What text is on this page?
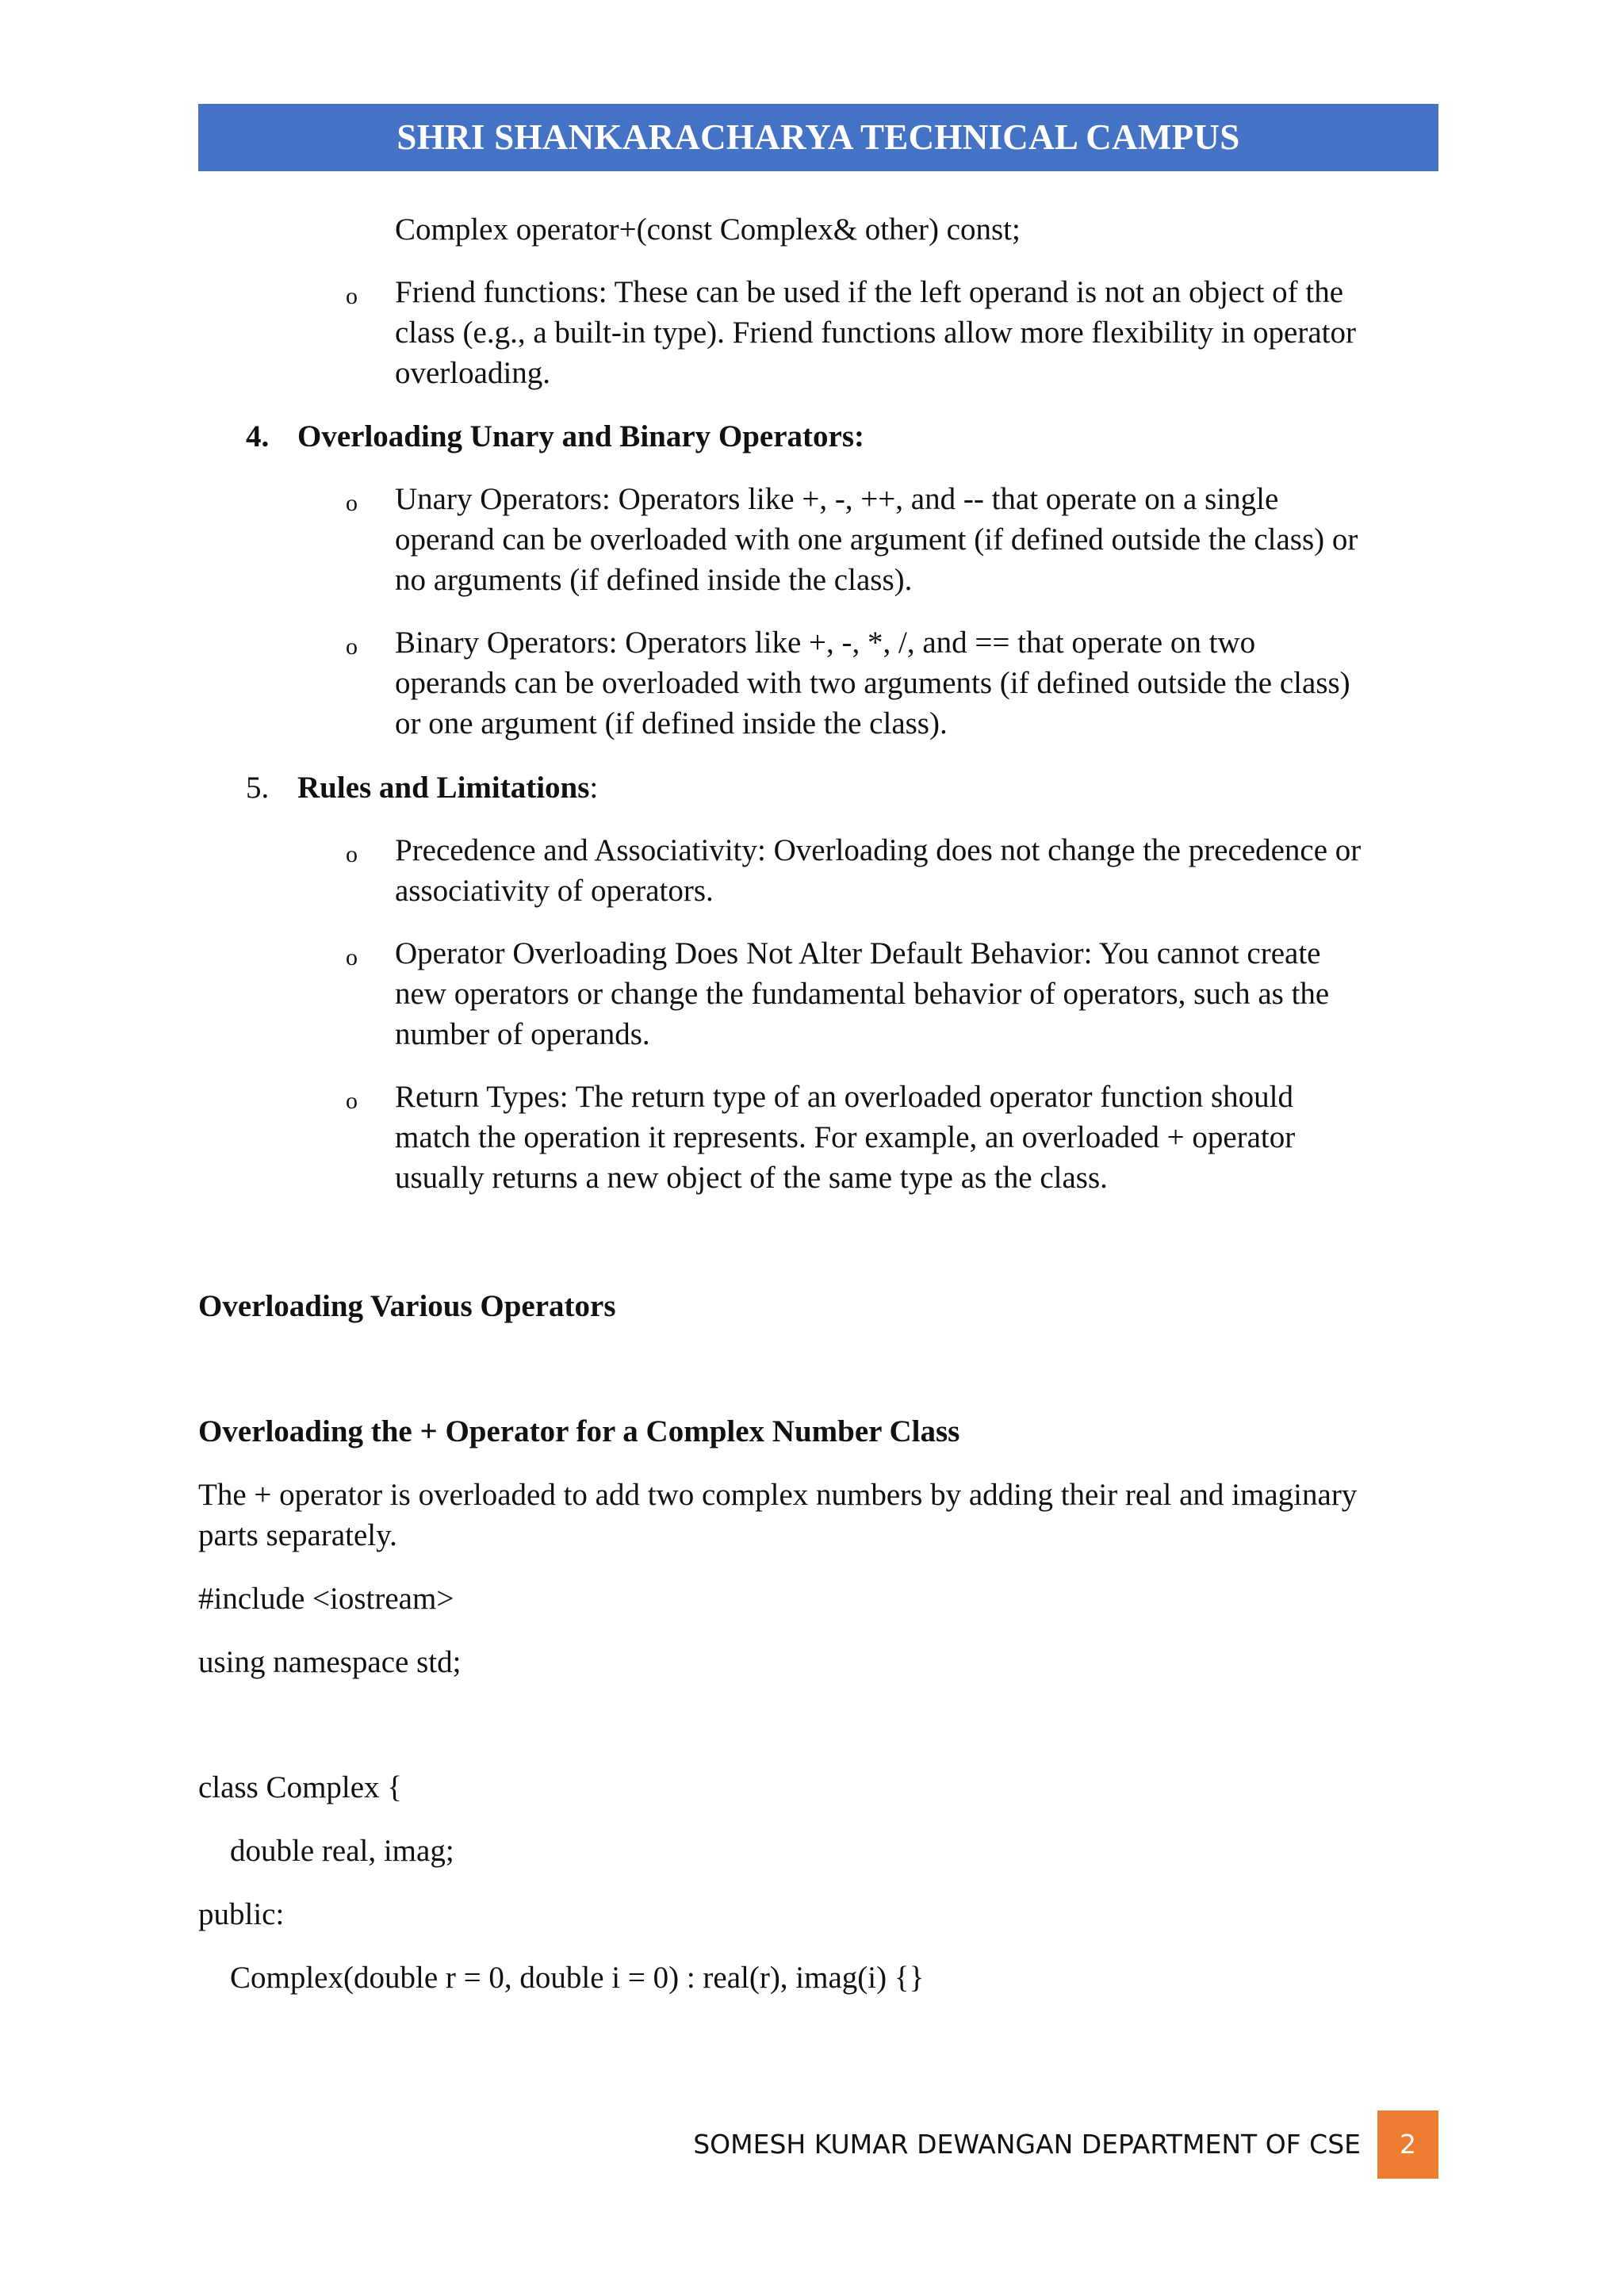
SHRI SHANKARACHARYA TECHNICAL CAMPUS
Complex operator+(const Complex& other) const;
o Friend functions: These can be used if the left operand is not an object of the
class (e.g., a built-in type). Friend functions allow more flexibility in operator
overloading.
4. Overloading Unary and Binary Operators:
o Unary Operators: Operators like +, -, ++, and -- that operate on a single
operand can be overloaded with one argument (if defined outside the class) or
no arguments (if defined inside the class).
o Binary Operators: Operators like +, -, *, /, and == that operate on two
operands can be overloaded with two arguments (if defined outside the class)
or one argument (if defined inside the class).
5. Rules and Limitations:
o Precedence and Associativity: Overloading does not change the precedence or
associativity of operators.
o Operator Overloading Does Not Alter Default Behavior: You cannot create
new operators or change the fundamental behavior of operators, such as the
number of operands.
o Return Types: The return type of an overloaded operator function should
match the operation it represents. For example, an overloaded + operator
usually returns a new object of the same type as the class.
Overloading Various Operators
Overloading the + Operator for a Complex Number Class
The + operator is overloaded to add two complex numbers by adding their real and imaginary
parts separately.
#include <iostream>
using namespace std;
class Complex {
double real, imag;
public:
Complex(double r = 0, double i = 0) : real(r), imag(i) {}
SOMESH KUMAR DEWANGAN DEPARTMENT OF CSE	2
